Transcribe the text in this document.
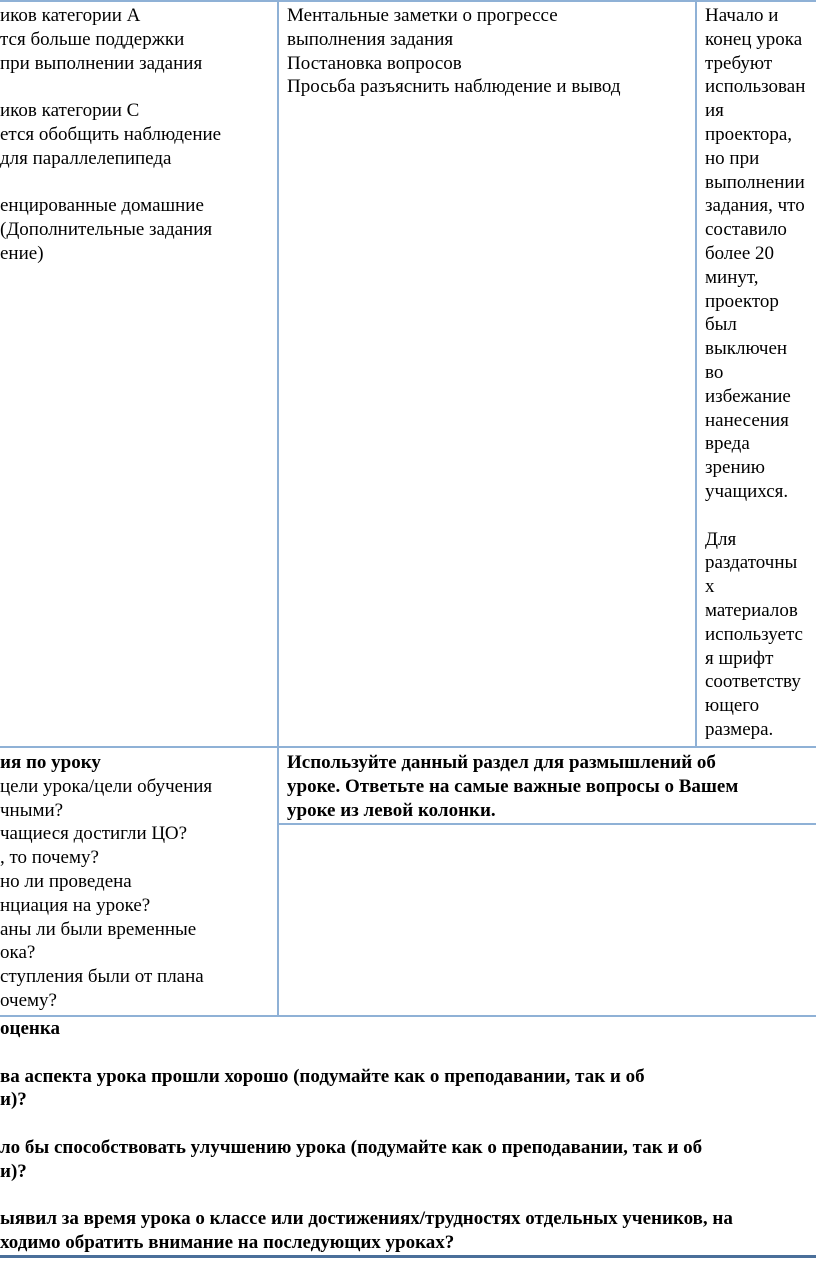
иков категории А
тся больше поддержки
при выполнении задания

иков категории С
ется обобщить наблюдение
для параллелепипеда

енцированные домашние
(Дополнительные задания
ение)
Ментальные заметки о прогрессе
выполнения задания
Постановка вопросов
Просьба разъяснить наблюдение и вывод
Начало и
конец урока
требуют
использован
ия
проектора,
но при
выполнении
задания, что
составило
более 20
минут,
проектор
был
выключен
во
избежание
нанесения
вреда
зрению
учащихся.

Для
раздаточны
х
материалов
используетс
я шрифт
соответству
ющего
размера.
ия по уроку
цели урока/цели обучения
чными?
чащиеся достигли ЦО?
, то почему?
но ли проведена
нциация на уроке?
аны ли были временные
ока?
ступления были от плана
очему?
Используйте данный раздел для размышлений об
уроке. Ответьте на самые важные вопросы о Вашем
уроке из левой колонки.
оценка
ва аспекта урока прошли хорошо (подумайте как о преподавании, так и об
и)?
ло бы способствовать улучшению урока (подумайте как о преподавании, так и об
и)?
ыявил за время урока о классе или достижениях/трудностях отдельных учеников, на
ходимо обратить внимание на последующих уроках?
